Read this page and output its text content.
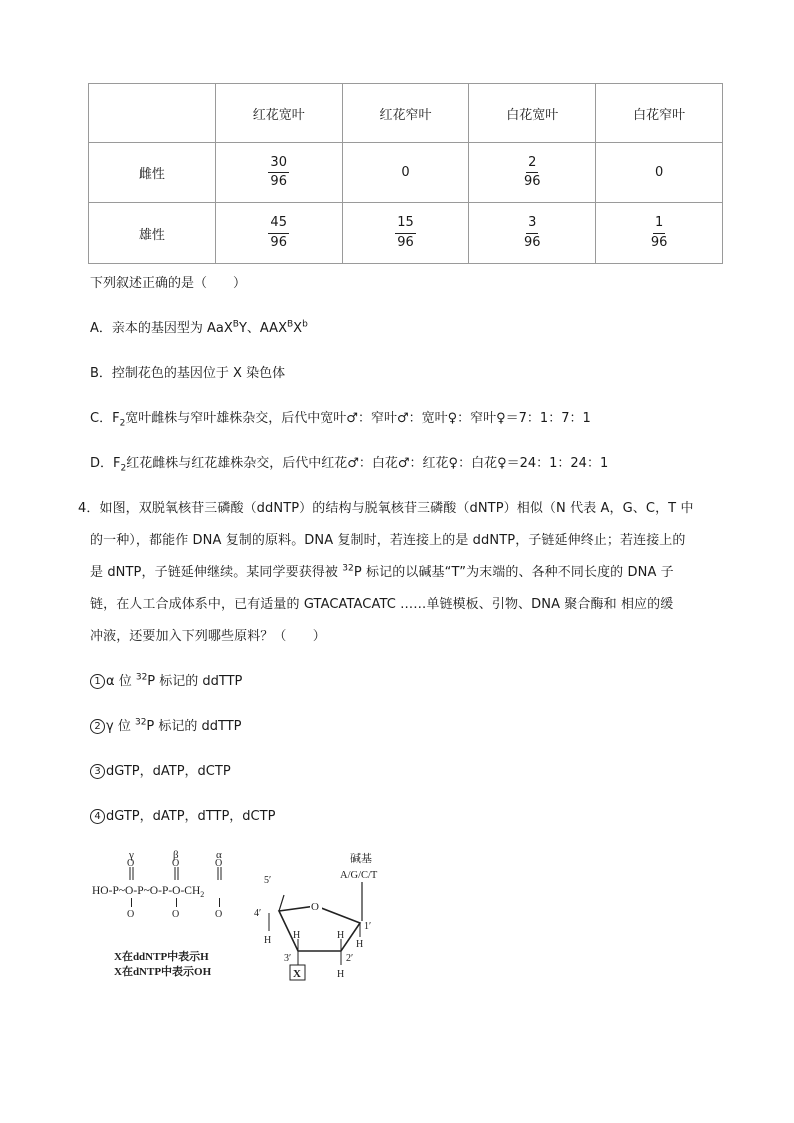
	红花宽叶	红花窄叶	白花宽叶	白花窄叶
雌性	$\frac{30}{96}$	0	$\frac{2}{96}$	0
雄性	$\frac{45}{96}$	$\frac{15}{96}$	$\frac{3}{96}$	$\frac{1}{96}$
下列叙述正确的是（　　）
A．亲本的基因型为 AaX$^B$Y、$AAX^BX^b$
B．控制花色的基因位于 X 染色体
C．$F_2$宽叶雌株与窄叶雄株杂交，后代中宽叶♂：窄叶♂：宽叶♀：窄叶♀＝7：1：7：1
D．$F_2$红花雌株与红花雄株杂交，后代中红花♂：白花♂：红花♀：白花♀＝24：1：24：1
4．如图，双脱氧核苷三磷酸（ddNTP）的结构与脱氧核苷三磷酸（dNTP）相似（N 代表 A，G、C，T 中
的一种），都能作 DNA 复制的原料。DNA 复制时，若连接上的是 ddNTP，子链延伸终止；若连接上的
是 dNTP，子链延伸继续。某同学要获得被 $^{32}$P 标记的以碱基“T”为末端的、各种不同长度的 DNA 子
链，在人工合成体系中，已有适量的 GTACATACATC ……单链模板、引物、DNA 聚合酶和 相应的缓
冲液，还要加入下列哪些原料？（　　）
1 α 位 $^{32}$P 标记的 ddTTP
2 γ 位 $^{32}$P 标记的 ddTTP
3 dGTP，dATP，dCTP
4 dGTP，dATP，dTTP，dCTP
γ	β	α
O	O	O
O	O	O
$HO-P\sim O-P\sim O-P-O-CH_2$
5′
碱基
A/G/C/T
O
4′
1′
3′	2′
H	H
H	H
H
X
X在ddNTP中表示H
X在dNTP中表示OH
